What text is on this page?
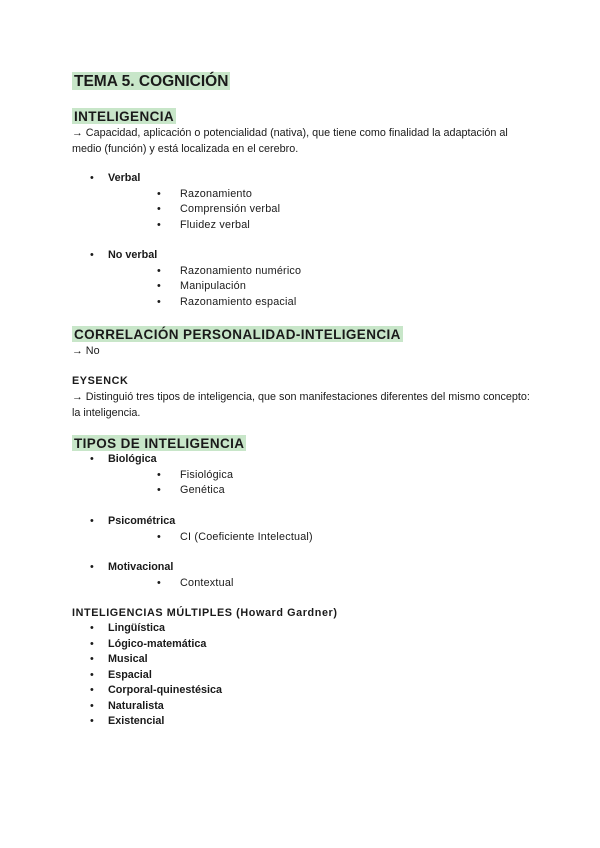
TEMA 5. COGNICIÓN
INTELIGENCIA

→ Capacidad, aplicación o potencialidad (nativa), que tiene como finalidad la adaptación al medio (función) y está localizada en el cerebro.

• Verbal
• Razonamiento
• Comprensión verbal
• Fluidez verbal
• No verbal
• Razonamiento numérico
• Manipulación
• Razonamiento espacial
CORRELACIÓN PERSONALIDAD-INTELIGENCIA

→ No

EYSENCK

→ Distinguió tres tipos de inteligencia, que son manifestaciones diferentes del mismo concepto: la inteligencia.

TIPOS DE INTELIGENCIA
• Biológica
• Fisiológica
• Genética
• Psicométrica
• CI (Coeficiente Intelectual)
• Motivacional
• Contextual

INTELIGENCIAS MÚLTIPLES (Howard Gardner)

• Lingüística
• Lógico-matemática
• Musical
• Espacial
• Corporal-quinestésica
• Naturalista
• Existencial
